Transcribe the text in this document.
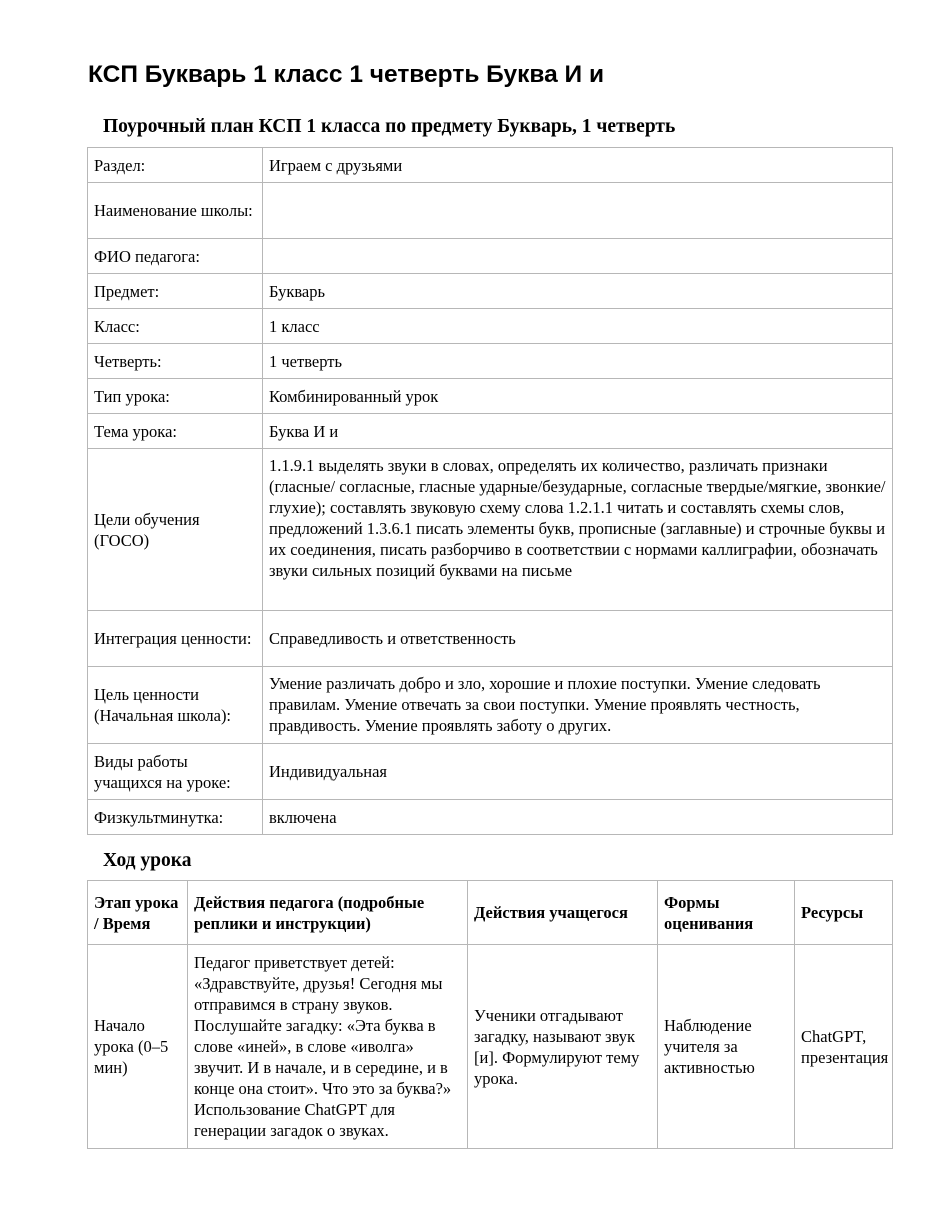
КСП Букварь 1 класс 1 четверть Буква И и
Поурочный план КСП 1 класса по предмету Букварь, 1 четверть
Раздел:	Играем с друзьями
Наименование школы:	
ФИО педагога:	
Предмет:	Букварь
Класс:	1 класс
Четверть:	1 четверть
Тип урока:	Комбинированный урок
Тема урока:	Буква И и
Цели обучения (ГОСО)	1.1.9.1 выделять звуки в словах, определять их количество, различать признаки (гласные/ согласные, гласные ударные/безударные, согласные твердые/мягкие, звонкие/глухие); составлять звуковую схему слова 1.2.1.1 читать и составлять схемы слов, предложений 1.3.6.1 писать элементы букв, прописные (заглавные) и строчные буквы и их соединения, писать разборчиво в соответствии с нормами каллиграфии, обозначать звуки сильных позиций буквами на письме
Интеграция ценности:	Справедливость и ответственность
Цель ценности (Начальная школа):	Умение различать добро и зло, хорошие и плохие поступки. Умение следовать правилам. Умение отвечать за свои поступки. Умение проявлять честность, правдивость. Умение проявлять заботу о других.
Виды работы учащихся на уроке:	Индивидуальная
Физкультминутка:	включена
Ход урока
Этап урока / Время	Действия педагога (подробные реплики и инструкции)	Действия учащегося	Формы оценивания	Ресурсы
Начало урока (0–5 мин)	Педагог приветствует детей: «Здравствуйте, друзья! Сегодня мы отправимся в страну звуков. Послушайте загадку: «Эта буква в слове «иней», в слове «иволга» звучит. И в начале, и в середине, и в конце она стоит». Что это за буква?» Использование ChatGPT для генерации загадок о звуках.	Ученики отгадывают загадку, называют звук [и]. Формулируют тему урока.	Наблюдение учителя за активностью	ChatGPT, презентация
